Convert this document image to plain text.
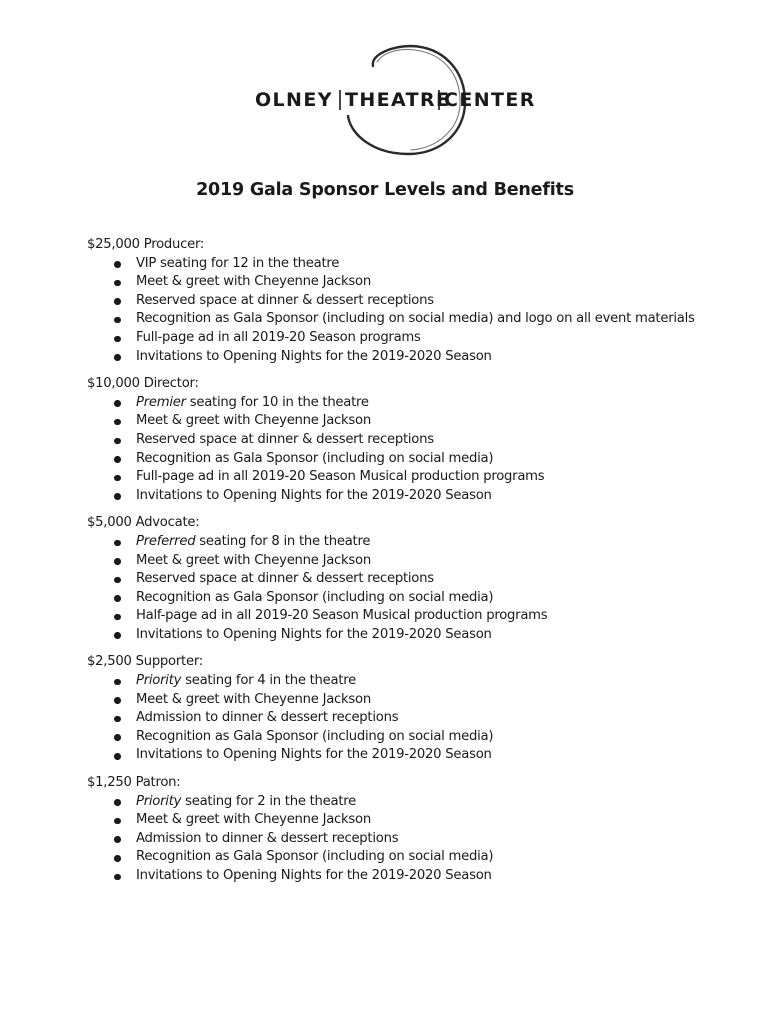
OLNEY THEATRE
CENTER
2019 Gala Sponsor Levels and Benefits
$25,000 Producer:
VIP seating for 12 in the theatre
Meet & greet with Cheyenne Jackson
Reserved space at dinner & dessert receptions
Recognition as Gala Sponsor (including on social media) and logo on all event materials
Full-page ad in all 2019-20 Season programs
Invitations to Opening Nights for the 2019-2020 Season
$10,000 Director:
Premier seating for 10 in the theatre
Meet & greet with Cheyenne Jackson
Reserved space at dinner & dessert receptions
Recognition as Gala Sponsor (including on social media)
Full-page ad in all 2019-20 Season Musical production programs
Invitations to Opening Nights for the 2019-2020 Season
$5,000 Advocate:
Preferred seating for 8 in the theatre
Meet & greet with Cheyenne Jackson
Reserved space at dinner & dessert receptions
Recognition as Gala Sponsor (including on social media)
Half-page ad in all 2019-20 Season Musical production programs
Invitations to Opening Nights for the 2019-2020 Season
$2,500 Supporter:
Priority seating for 4 in the theatre
Meet & greet with Cheyenne Jackson
Admission to dinner & dessert receptions
Recognition as Gala Sponsor (including on social media)
Invitations to Opening Nights for the 2019-2020 Season
$1,250 Patron:
Priority seating for 2 in the theatre
Meet & greet with Cheyenne Jackson
Admission to dinner & dessert receptions
Recognition as Gala Sponsor (including on social media)
Invitations to Opening Nights for the 2019-2020 Season
